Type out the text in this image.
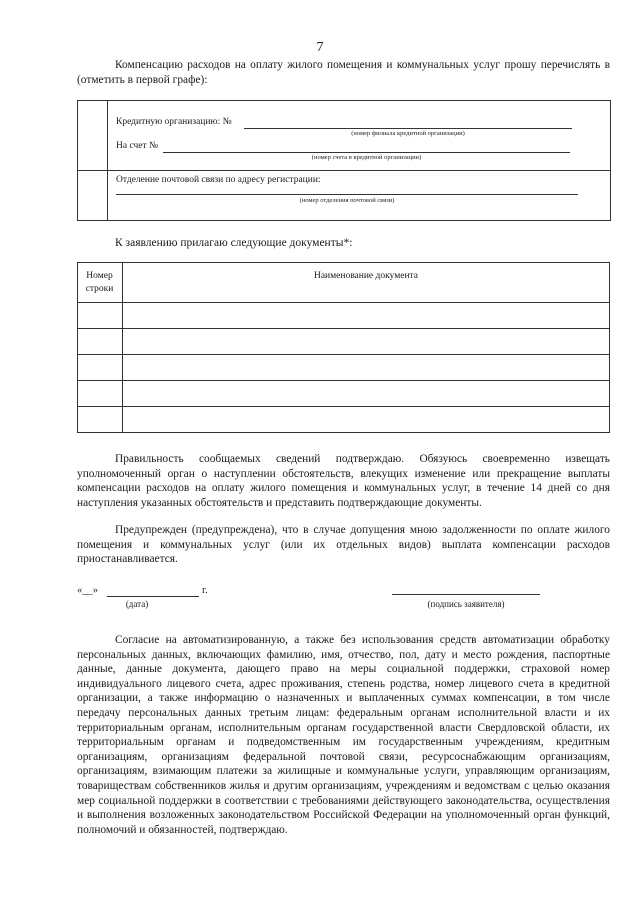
7
Компенсацию расходов на оплату жилого помещения и коммунальных услуг прошу перечислять в (отметить в первой графе):
Кредитную организацию: №
(номер филиала кредитной организации)
На счет №
(номер счета в кредитной организации)
Отделение почтовой связи по адресу регистрации:
(номер отделения почтовой связи)
К заявлению прилагаю следующие документы*:
Номер строки
Наименование документа
Правильность сообщаемых сведений подтверждаю. Обязуюсь своевременно извещать уполномоченный орган о наступлении обстоятельств, влекущих изменение или прекращение выплаты компенсации расходов на оплату жилого помещения и коммунальных услуг, в течение 14 дней со дня наступления указанных обстоятельств и представить подтверждающие документы.
Предупрежден (предупреждена), что в случае допущения мною задолженности по оплате жилого помещения и коммунальных услуг (или их отдельных видов) выплата компенсации расходов приостанавливается.
«__»	г.
(дата)	(подпись заявителя)
Согласие на автоматизированную, а также без использования средств автоматизации обработку персональных данных, включающих фамилию, имя, отчество, пол, дату и место рождения, паспортные данные, данные документа, дающего право на меры социальной поддержки, страховой номер индивидуального лицевого счета, адрес проживания, степень родства, номер лицевого счета в кредитной организации, а также информацию о назначенных и выплаченных суммах компенсации, в том числе передачу персональных данных третьим лицам: федеральным органам исполнительной власти и их территориальным органам, исполнительным органам государственной власти Свердловской области, их территориальным органам и подведомственным им государственным учреждениям, кредитным организациям, организациям федеральной почтовой связи, ресурсоснабжающим организациям, организациям, взимающим платежи за жилищные и коммунальные услуги, управляющим организациям, товариществам собственников жилья и другим организациям, учреждениям и ведомствам с целью оказания мер социальной поддержки в соответствии с требованиями действующего законодательства, осуществления и выполнения возложенных законодательством Российской Федерации на уполномоченный орган функций, полномочий и обязанностей, подтверждаю.
